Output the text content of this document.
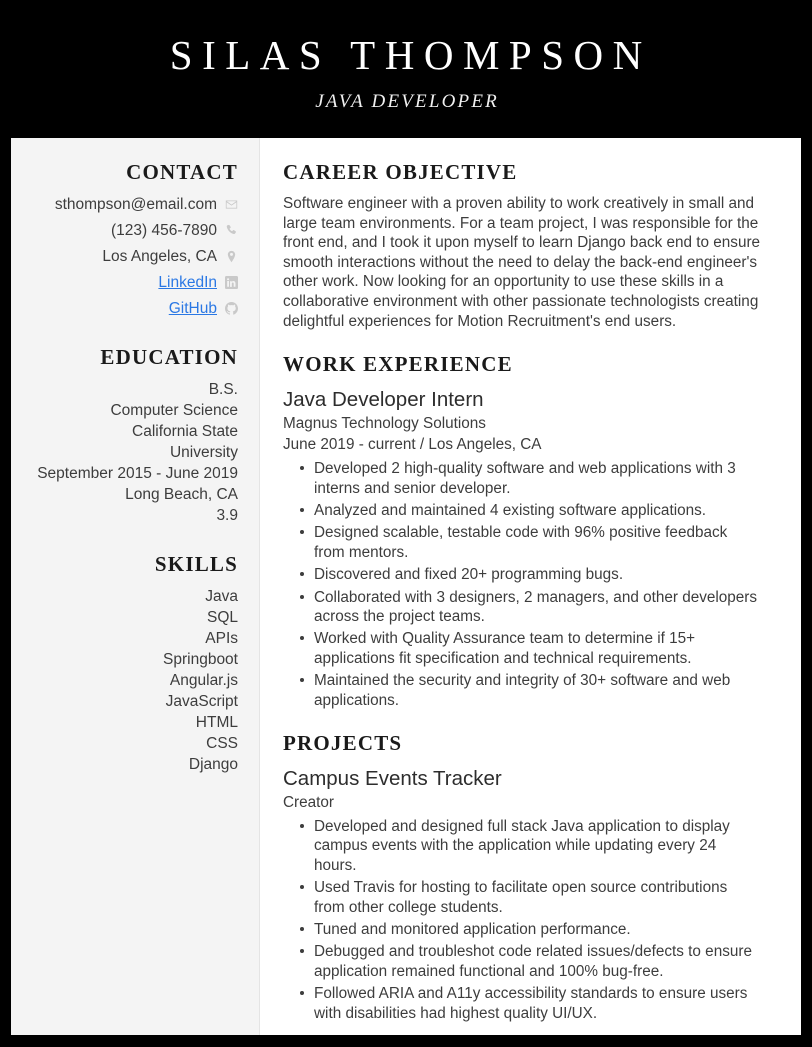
SILAS THOMPSON
JAVA DEVELOPER
CONTACT
sthompson@email.com
(123) 456-7890
Los Angeles, CA
LinkedIn
GitHub
EDUCATION
B.S.
Computer Science
California State
University
September 2015 - June 2019
Long Beach, CA
3.9
SKILLS
Java
SQL
APIs
Springboot
Angular.js
JavaScript
HTML
CSS
Django
CAREER OBJECTIVE

Software engineer with a proven ability to work creatively in small and large team environments. For a team project, I was responsible for the front end, and I took it upon myself to learn Django back end to ensure smooth interactions without the need to delay the back-end engineer's other work. Now looking for an opportunity to use these skills in a collaborative environment with other passionate technologists creating delightful experiences for Motion Recruitment's end users.

WORK EXPERIENCE
Java Developer Intern
Magnus Technology Solutions
June 2019 - current / Los Angeles, CA
Developed 2 high-quality software and web applications with 3 interns and senior developer.
Analyzed and maintained 4 existing software applications.
Designed scalable, testable code with 96% positive feedback from mentors.
Discovered and fixed 20+ programming bugs.
Collaborated with 3 designers, 2 managers, and other developers across the project teams.
Worked with Quality Assurance team to determine if 15+ applications fit specification and technical requirements.
Maintained the security and integrity of 30+ software and web applications.
PROJECTS
Campus Events Tracker
Creator
Developed and designed full stack Java application to display campus events with the application while updating every 24 hours.
Used Travis for hosting to facilitate open source contributions from other college students.
Tuned and monitored application performance.
Debugged and troubleshot code related issues/defects to ensure application remained functional and 100% bug-free.
Followed ARIA and A11y accessibility standards to ensure users with disabilities had highest quality UI/UX.
